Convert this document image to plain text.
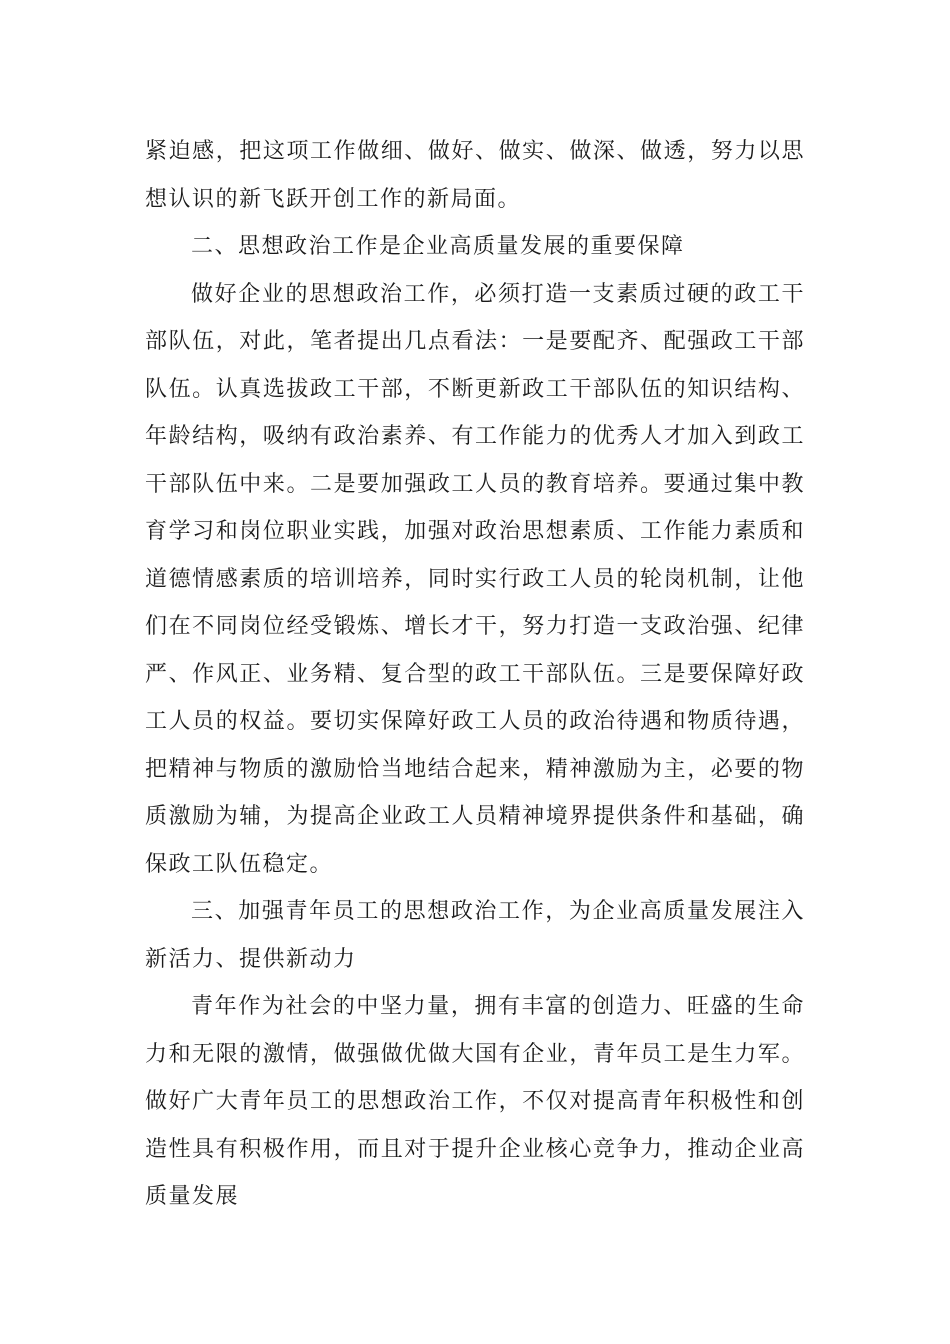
紧迫感，把这项工作做细、做好、做实、做深、做透，努力以思想认识的新飞跃开创工作的新局面。

二、思想政治工作是企业高质量发展的重要保障

做好企业的思想政治工作，必须打造一支素质过硬的政工干部队伍，对此，笔者提出几点看法：一是要配齐、配强政工干部队伍。认真选拔政工干部，不断更新政工干部队伍的知识结构、年龄结构，吸纳有政治素养、有工作能力的优秀人才加入到政工干部队伍中来。二是要加强政工人员的教育培养。要通过集中教育学习和岗位职业实践，加强对政治思想素质、工作能力素质和道德情感素质的培训培养，同时实行政工人员的轮岗机制，让他们在不同岗位经受锻炼、增长才干，努力打造一支政治强、纪律严、作风正、业务精、复合型的政工干部队伍。三是要保障好政工人员的权益。要切实保障好政工人员的政治待遇和物质待遇，把精神与物质的激励恰当地结合起来，精神激励为主，必要的物质激励为辅，为提高企业政工人员精神境界提供条件和基础，确保政工队伍稳定。

三、加强青年员工的思想政治工作，为企业高质量发展注入新活力、提供新动力

青年作为社会的中坚力量，拥有丰富的创造力、旺盛的生命力和无限的激情，做强做优做大国有企业，青年员工是生力军。做好广大青年员工的思想政治工作，不仅对提高青年积极性和创造性具有积极作用，而且对于提升企业核心竞争力，推动企业高质量发展
